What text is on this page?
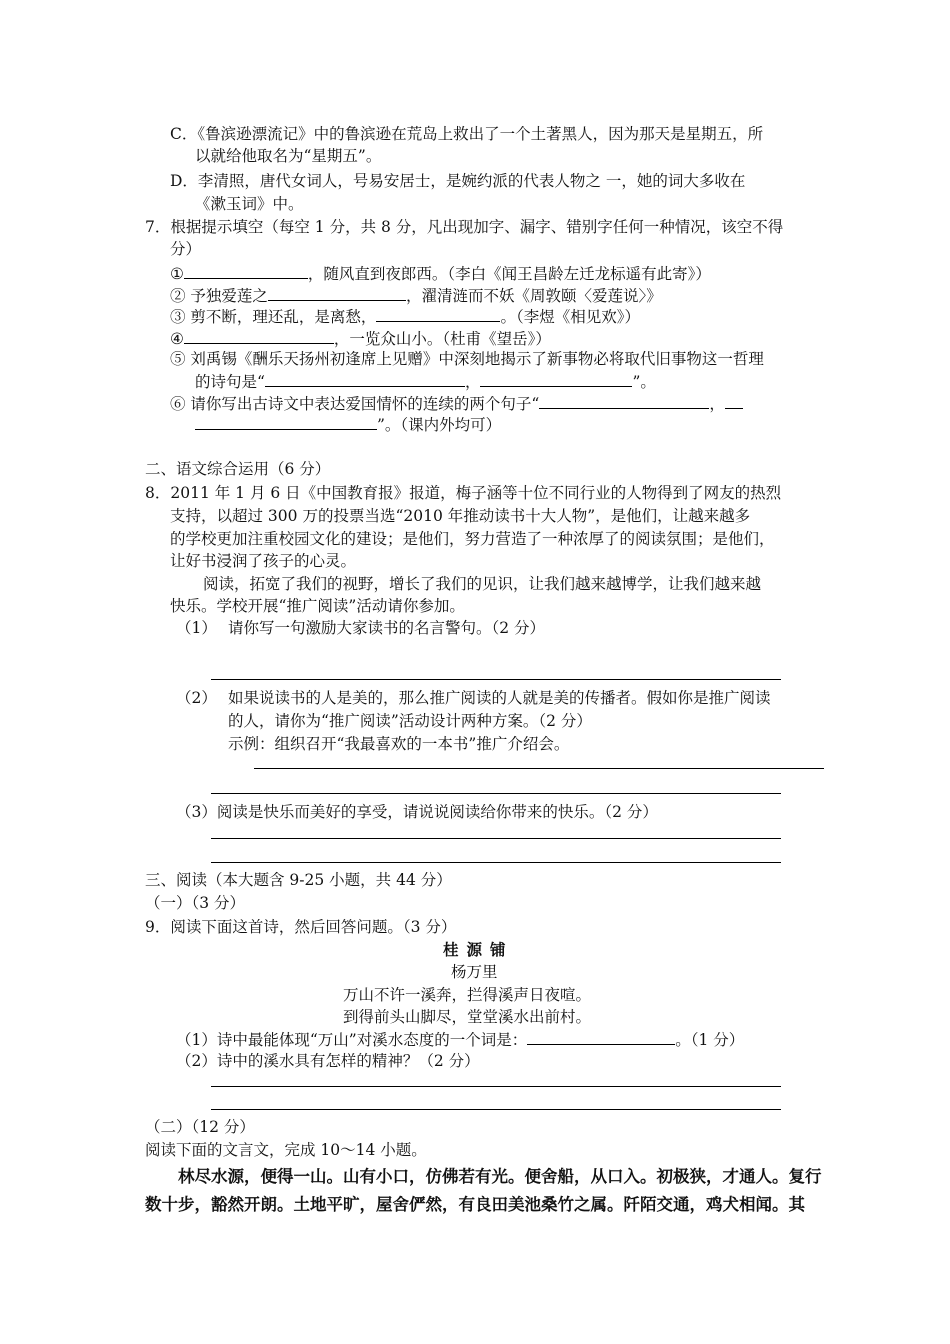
C．《鲁滨逊漂流记》中的鲁滨逊在荒岛上救出了一个土著黑人，因为那天是星期五，所
以就给他取名为“星期五”。
D．李清照，唐代女词人，号易安居士，是婉约派的代表人物之 一，她的词大多收在
《漱玉词》中。
7．根据提示填空（每空 1 分，共 8 分，凡出现加字、漏字、错别字任何一种情况，该空不得
分）
①	，随风直到夜郎西。（李白《闻王昌龄左迁龙标遥有此寄》）
② 予独爱莲之	，濯清涟而不妖《周敦颐〈爱莲说〉》
③ 剪不断，理还乱，是离愁，	。（李煜《相见欢》）
④	，一览众山小。（杜甫《望岳》）
⑤ 刘禹锡《酬乐天扬州初逢席上见赠》中深刻地揭示了新事物必将取代旧事物这一哲理
的诗句是“	，	”。
⑥ 请你写出古诗文中表达爱国情怀的连续的两个句子“	，
”。（课内外均可）
二、语文综合运用（6 分）
8．2011 年 1 月 6 日《中国教育报》报道，梅子涵等十位不同行业的人物得到了网友的热烈
支持，以超过 300 万的投票当选“2010 年推动读书十大人物”，是他们，让越来越多
的学校更加注重校园文化的建设；是他们，努力营造了一种浓厚了的阅读氛围；是他们，
让好书浸润了孩子的心灵。
阅读，拓宽了我们的视野，增长了我们的见识，让我们越来越博学，让我们越来越
快乐。学校开展“推广阅读”活动请你参加。
（1） 请你写一句激励大家读书的名言警句。（2 分）
（2） 如果说读书的人是美的，那么推广阅读的人就是美的传播者。假如你是推广阅读
的人，请你为“推广阅读”活动设计两种方案。（2 分）
示例：组织召开“我最喜欢的一本书”推广介绍会。
（3）阅读是快乐而美好的享受，请说说阅读给你带来的快乐。（2 分）
三、阅读（本大题含 9-25 小题，共 44 分）
（一）（3 分）
9．阅读下面这首诗，然后回答问题。（3 分）
桂源铺
杨万里
万山不许一溪奔，拦得溪声日夜喧。
到得前头山脚尽，堂堂溪水出前村。
（1）诗中最能体现“万山”对溪水态度的一个词是：	。（1 分）
（2）诗中的溪水具有怎样的精神？（2 分）
（二）（12 分）
阅读下面的文言文，完成 10～14 小题。
林尽水源，便得一山。山有小口，仿佛若有光。便舍船，从口入。初极狭，才通人。复行
数十步，豁然开朗。土地平旷，屋舍俨然，有良田美池桑竹之属。阡陌交通，鸡犬相闻。其
